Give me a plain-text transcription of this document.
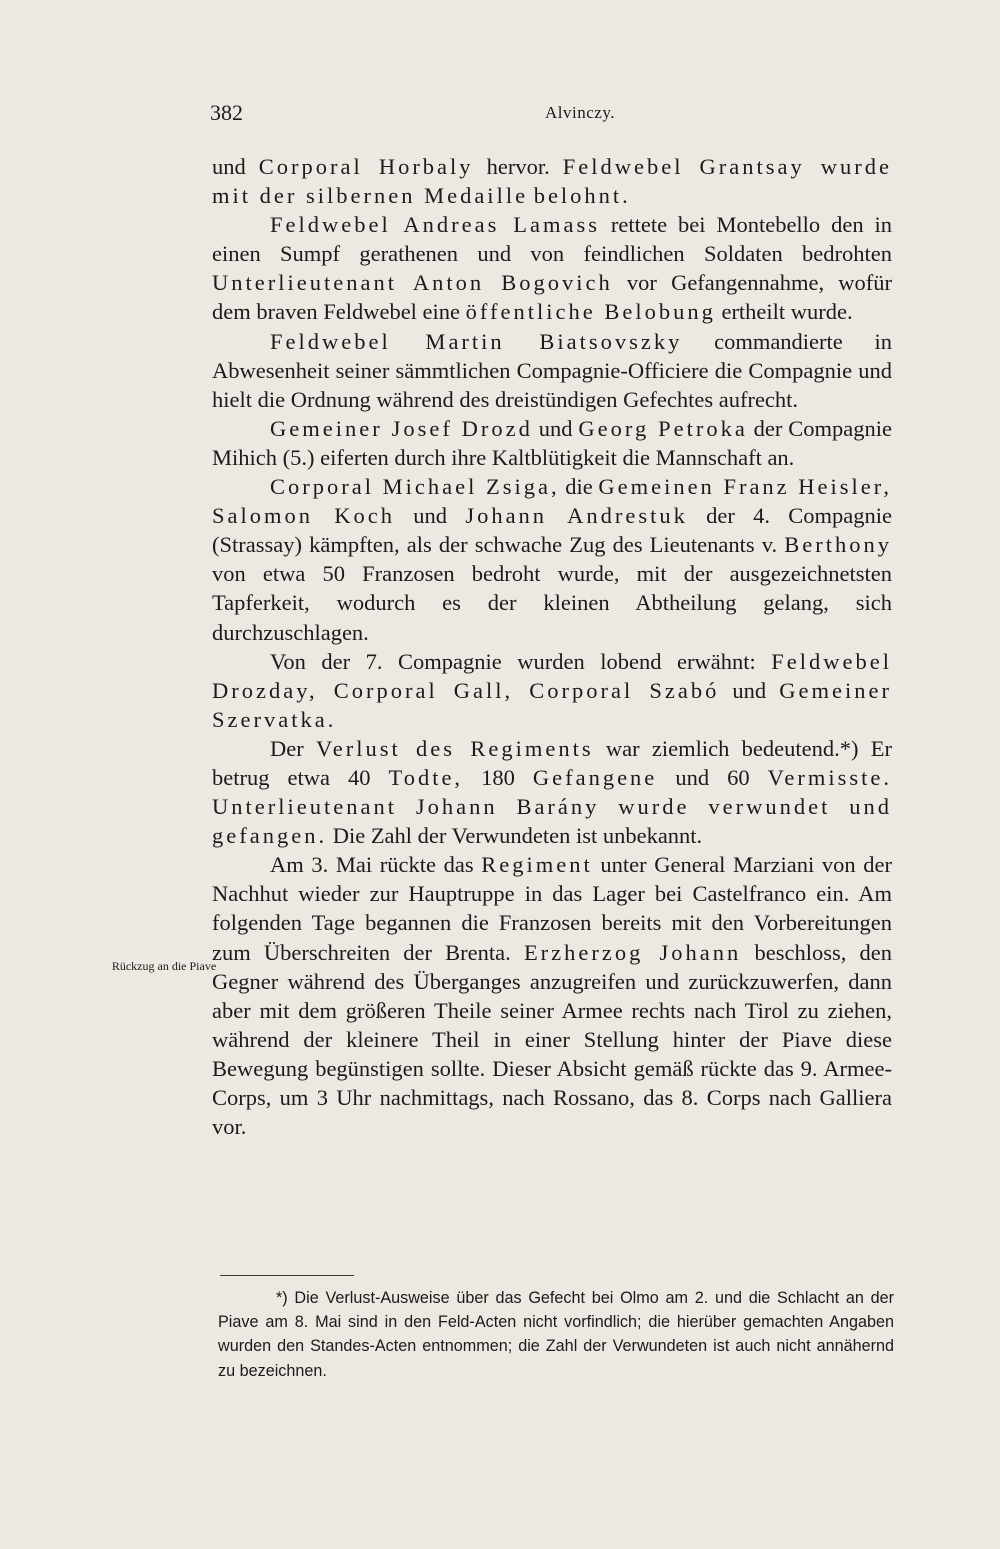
382	Alvinczy.
Rückzug an die Piave

und Corporal Horbaly hervor. Feldwebel Grantsay wurde mit der silbernen Medaille belohnt.

Feldwebel Andreas Lamass rettete bei Montebello den in einen Sumpf gerathenen und von feindlichen Soldaten bedrohten Unterlieutenant Anton Bogovich vor Gefangennahme, wofür dem braven Feldwebel eine öffentliche Belobung ertheilt wurde.

Feldwebel Martin Biatsovszky commandierte in Abwesenheit seiner sämmtlichen Compagnie-Officiere die Compagnie und hielt die Ordnung während des dreistündigen Gefechtes aufrecht.

Gemeiner Josef Drozd und Georg Petroka der Compagnie Mihich (5.) eiferten durch ihre Kaltblütigkeit die Mannschaft an.

Corporal Michael Zsiga, die Gemeinen Franz Heisler, Salomon Koch und Johann Andrestuk der 4. Compagnie (Strassay) kämpften, als der schwache Zug des Lieutenants v. Berthony von etwa 50 Franzosen bedroht wurde, mit der ausgezeichnetsten Tapferkeit, wodurch es der kleinen Abtheilung gelang, sich durchzuschlagen.

Von der 7. Compagnie wurden lobend erwähnt: Feldwebel Drozday, Corporal Gall, Corporal Szabó und Gemeiner Szervatka.

Der Verlust des Regiments war ziemlich bedeutend.*) Er betrug etwa 40 Todte, 180 Gefangene und 60 Vermisste. Unterlieutenant Johann Barány wurde verwundet und gefangen. Die Zahl der Verwundeten ist unbekannt.

Am 3. Mai rückte das Regiment unter General Marziani von der Nachhut wieder zur Hauptruppe in das Lager bei Castelfranco ein. Am folgenden Tage begannen die Franzosen bereits mit den Vorbereitungen zum Überschreiten der Brenta. Erzherzog Johann beschloss, den Gegner während des Überganges anzugreifen und zurückzuwerfen, dann aber mit dem größeren Theile seiner Armee rechts nach Tirol zu ziehen, während der kleinere Theil in einer Stellung hinter der Piave diese Bewegung begünstigen sollte. Dieser Absicht gemäß rückte das 9. Armee-Corps, um 3 Uhr nachmittags, nach Rossano, das 8. Corps nach Galliera vor.

*) Die Verlust-Ausweise über das Gefecht bei Olmo am 2. und die Schlacht an der Piave am 8. Mai sind in den Feld-Acten nicht vorfindlich; die hierüber gemachten Angaben wurden den Standes-Acten entnommen; die Zahl der Verwundeten ist auch nicht annähernd zu bezeichnen.
